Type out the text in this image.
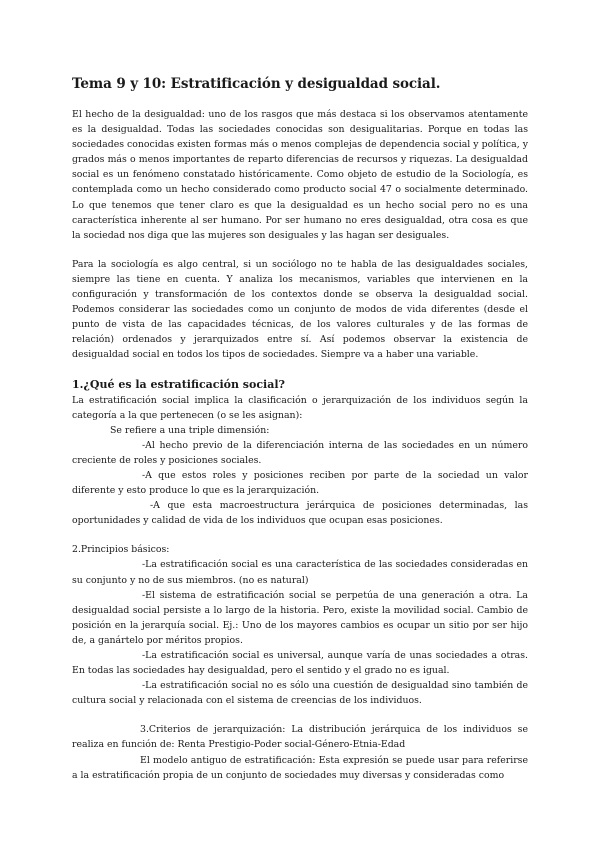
Tema 9 y 10: Estratificación y desigualdad social.

El hecho de la desigualdad: uno de los rasgos que más destaca si los observamos atentamente es la desigualdad. Todas las sociedades conocidas son desigualitarias. Porque en todas las sociedades conocidas existen formas más o menos complejas de dependencia social y política, y grados más o menos importantes de reparto diferencias de recursos y riquezas. La desigualdad social es un fenómeno constatado históricamente. Como objeto de estudio de la Sociología, es contemplada como un hecho considerado como producto social 47 o socialmente determinado. Lo que tenemos que tener claro es que la desigualdad es un hecho social pero no es una característica inherente al ser humano. Por ser humano no eres desigualdad, otra cosa es que la sociedad nos diga que las mujeres son desiguales y las hagan ser desiguales.

Para la sociología es algo central, si un sociólogo no te habla de las desigualdades sociales, siempre las tiene en cuenta. Y analiza los mecanismos, variables que intervienen en la configuración y transformación de los contextos donde se observa la desigualdad social. Podemos considerar las sociedades como un conjunto de modos de vida diferentes (desde el punto de vista de las capacidades técnicas, de los valores culturales y de las formas de relación) ordenados y jerarquizados entre sí. Así podemos observar la existencia de desigualdad social en todos los tipos de sociedades. Siempre va a haber una variable.

1.¿Qué es la estratificación social?

La estratificación social implica la clasificación o jerarquización de los individuos según la categoría a la que pertenecen (o se les asignan):

Se refiere a una triple dimensión:

-Al hecho previo de la diferenciación interna de las sociedades en un número creciente de roles y posiciones sociales.

-A que estos roles y posiciones reciben por parte de la sociedad un valor diferente y esto produce lo que es la jerarquización.

-A que esta macroestructura jerárquica de posiciones determinadas, las oportunidades y calidad de vida de los individuos que ocupan esas posiciones.

2.Principios básicos:

-La estratificación social es una característica de las sociedades consideradas en su conjunto y no de sus miembros. (no es natural)

-El sistema de estratificación social se perpetúa de una generación a otra. La desigualdad social persiste a lo largo de la historia. Pero, existe la movilidad social. Cambio de posición en la jerarquía social. Ej.: Uno de los mayores cambios es ocupar un sitio por ser hijo de, a ganártelo por méritos propios.

-La estratificación social es universal, aunque varía de unas sociedades a otras. En todas las sociedades hay desigualdad, pero el sentido y el grado no es igual.

-La estratificación social no es sólo una cuestión de desigualdad sino también de cultura social y relacionada con el sistema de creencias de los individuos.

3.Criterios de jerarquización: La distribución jerárquica de los individuos se realiza en función de: Renta Prestigio-Poder social-Género-Etnia-Edad

El modelo antiguo de estratificación: Esta expresión se puede usar para referirse a la estratificación propia de un conjunto de sociedades muy diversas y consideradas como
